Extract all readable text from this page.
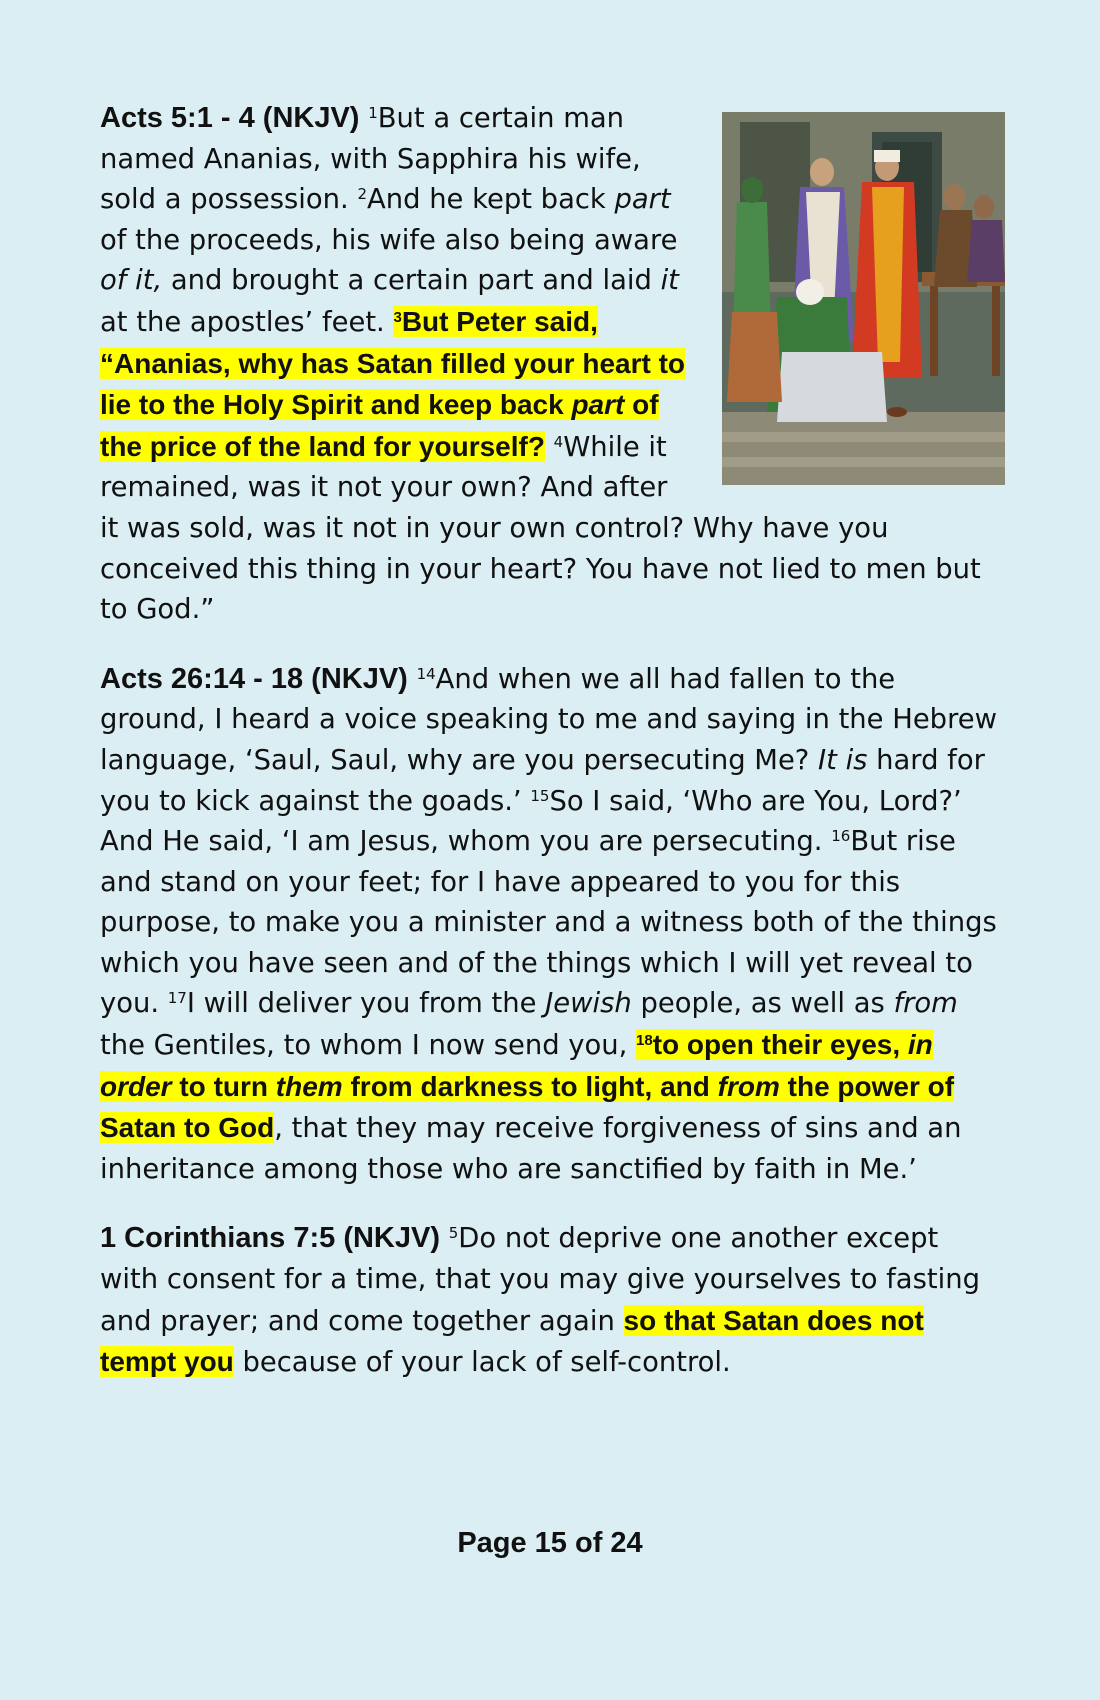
Acts 5:1 - 4 (NKJV) $^1$But a certain man named Ananias, with Sapphira his wife, sold a possession. $^2$And he kept back part of the proceeds, his wife also being aware of it, and brought a certain part and laid it at the apostles’ feet. $^3$But Peter said, “Ananias, why has Satan filled your heart to lie to the Holy Spirit and keep back part of the price of the land for yourself? $^4$While it remained, was it not your own? And after it was sold, was it not in your own control? Why have you conceived this thing in your heart? You have not lied to men but to God.”

Acts 26:14 - 18 (NKJV) $^{14}$And when we all had fallen to the ground, I heard a voice speaking to me and saying in the Hebrew language, ‘Saul, Saul, why are you persecuting Me? It is hard for you to kick against the goads.’ $^{15}$So I said, ‘Who are You, Lord?’ And He said, ‘I am Jesus, whom you are persecuting. $^{16}$But rise and stand on your feet; for I have appeared to you for this purpose, to make you a minister and a witness both of the things which you have seen and of the things which I will yet reveal to you. $^{17}$I will deliver you from the Jewish people, as well as from the Gentiles, to whom I now send you, $^{18}$to open their eyes, in order to turn them from darkness to light, and from the power of Satan to God, that they may receive forgiveness of sins and an inheritance among those who are sanctified by faith in Me.’

1 Corinthians 7:5 (NKJV) $^5$Do not deprive one another except with consent for a time, that you may give yourselves to fasting and prayer; and come together again so that Satan does not tempt you because of your lack of self-control.

Page 15 of 24
